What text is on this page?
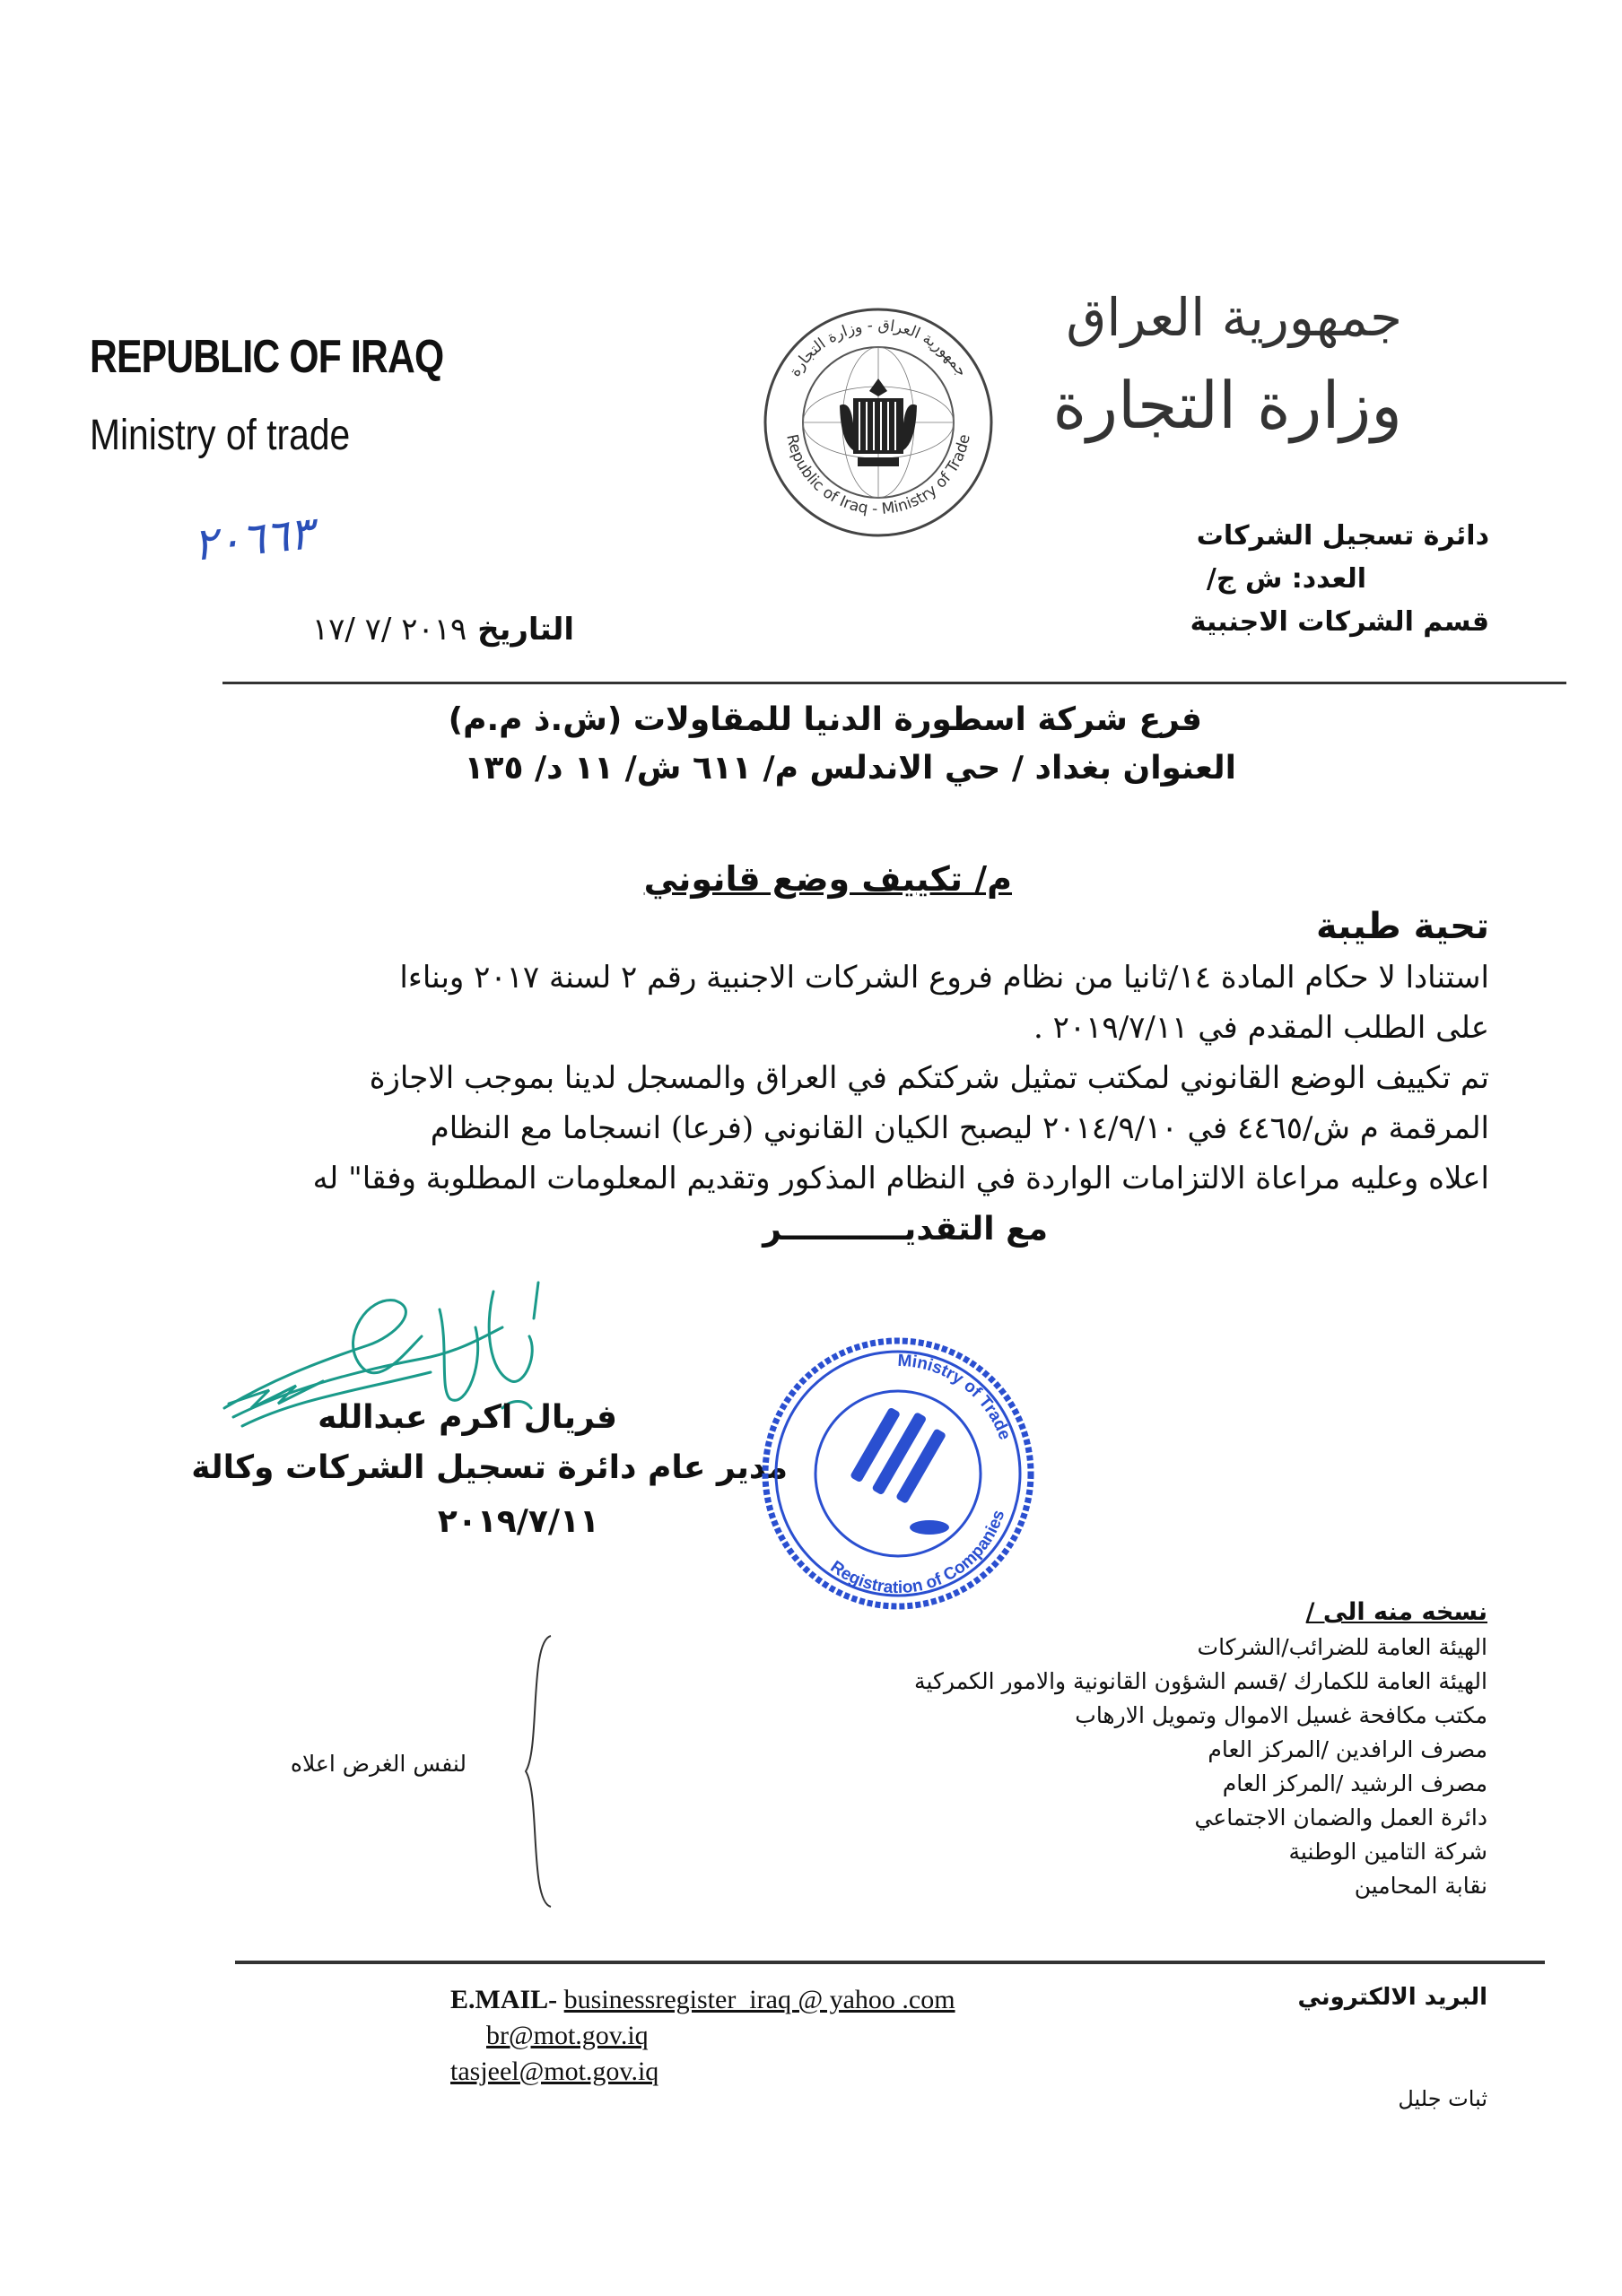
REPUBLIC OF IRAQ
Ministry of trade
جمهورية العراق - وزارة التجارة
Republic of Iraq - Ministry of Trade
جمهورية العراق
وزارة التجارة
٢٠٦٦٣	دائرة تسجيل الشركات
العدد: ش ج/
قسم الشركات الاجنبية
التاريخ ٢٠١٩ /٧ /١٧
فرع شركة اسطورة الدنيا للمقاولات (ش.ذ م.م)
العنوان بغداد / حي الاندلس م/ ٦١١ ش/ ١١ د/ ١٣٥
م/ تكييف وضع قانوني
تحية طيبة
استنادا لا حكام المادة ١٤/ثانيا من نظام فروع الشركات الاجنبية رقم ٢ لسنة ٢٠١٧ وبناءا
على الطلب المقدم في ٢٠١٩/٧/١١ .
تم تكييف الوضع القانوني لمكتب تمثيل شركتكم في العراق والمسجل لدينا بموجب الاجازة
المرقمة م ش/٤٤٦٥ في ٢٠١٤/٩/١٠ ليصبح الكيان القانوني (فرعا) انسجاما مع النظام
اعلاه وعليه مراعاة الالتزامات الواردة في النظام المذكور وتقديم المعلومات المطلوبة وفقا" له
مع التقديـــــــــــر
فريال اكرم عبدالله
مدير عام دائرة تسجيل الشركات وكالة
٢٠١٩/٧/١١
Ministry of Trade
Registration of Companies
نسخه منه الى /
الهيئة العامة للضرائب/الشركات
الهيئة العامة للكمارك /قسم الشؤون القانونية والامور الكمركية
مكتب مكافحة غسيل الاموال وتمويل الارهاب
مصرف الرافدين /المركز العام
مصرف الرشيد /المركز العام
دائرة العمل والضمان الاجتماعي
شركة التامين الوطنية
نقابة المحامين
لنفس الغرض اعلاه
E.MAIL- businessregister_iraq @ yahoo .com
br@mot.gov.iq
tasjeel@mot.gov.iq
البريد الالكتروني
ثبات جليل
